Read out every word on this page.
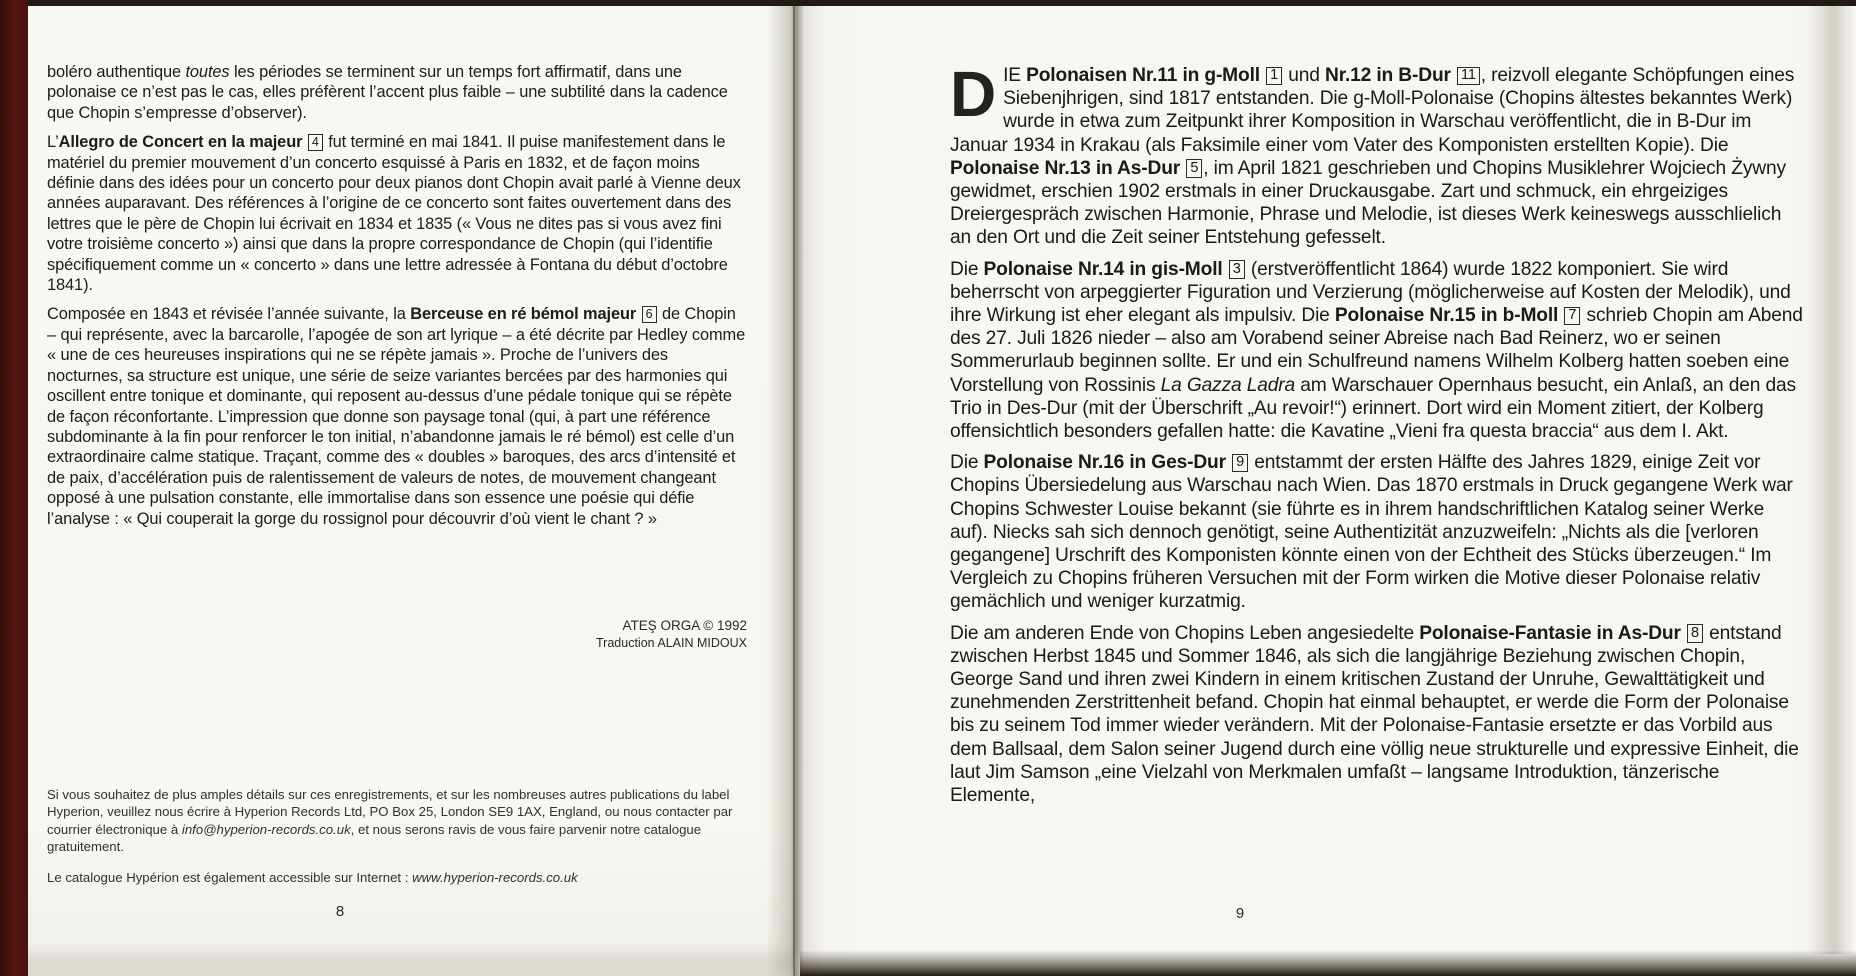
boléro authentique toutes les périodes se terminent sur un temps fort affirmatif, dans une polonaise ce n’est pas le cas, elles préfèrent l’accent plus faible – une subtilité dans la cadence que Chopin s’empresse d’observer).
L’Allegro de Concert en la majeur 4 fut terminé en mai 1841. Il puise manifestement dans le matériel du premier mouvement d’un concerto esquissé à Paris en 1832, et de façon moins définie dans des idées pour un concerto pour deux pianos dont Chopin avait parlé à Vienne deux années auparavant. Des références à l’origine de ce concerto sont faites ouvertement dans des lettres que le père de Chopin lui écrivait en 1834 et 1835 (« Vous ne dites pas si vous avez fini votre troisième concerto ») ainsi que dans la propre correspondance de Chopin (qui l’identifie spécifiquement comme un « concerto » dans une lettre adressée à Fontana du début d’octobre 1841).
Composée en 1843 et révisée l’année suivante, la Berceuse en ré bémol majeur 6 de Chopin – qui représente, avec la barcarolle, l’apogée de son art lyrique – a été décrite par Hedley comme « une de ces heureuses inspirations qui ne se répète jamais ». Proche de l’univers des nocturnes, sa structure est unique, une série de seize variantes bercées par des harmonies qui oscillent entre tonique et dominante, qui reposent au-dessus d’une pédale tonique qui se répète de façon réconfortante. L’impression que donne son paysage tonal (qui, à part une référence subdominante à la fin pour renforcer le ton initial, n’abandonne jamais le ré bémol) est celle d’un extraordinaire calme statique. Traçant, comme des « doubles » baroques, des arcs d’intensité et de paix, d’accélération puis de ralentissement de valeurs de notes, de mouvement changeant opposé à une pulsation constante, elle immortalise dans son essence une poésie qui défie l’analyse : « Qui couperait la gorge du rossignol pour découvrir d’où vient le chant ? »
ATEŞ ORGA © 1992
Traduction ALAIN MIDOUX
Si vous souhaitez de plus amples détails sur ces enregistrements, et sur les nombreuses autres publications du label Hyperion, veuillez nous écrire à Hyperion Records Ltd, PO Box 25, London SE9 1AX, England, ou nous contacter par courrier électronique à info@hyperion-records.co.uk, et nous serons ravis de vous faire parvenir notre catalogue gratuitement.
Le catalogue Hypérion est également accessible sur Internet : www.hyperion-records.co.uk
8
DIE Polonaisen Nr.11 in g-Moll 1 und Nr.12 in B-Dur 11 , reizvoll elegante Schöpfungen eines Siebenjhrigen, sind 1817 entstanden. Die g-Moll-Polonaise (Chopins ältestes bekanntes Werk) wurde in etwa zum Zeitpunkt ihrer Komposition in Warschau veröffentlicht, die in B-Dur im Januar 1934 in Krakau (als Faksimile einer vom Vater des Komponisten erstellten Kopie). Die Polonaise Nr.13 in As-Dur 5 , im April 1821 geschrieben und Chopins Musiklehrer Wojciech Żywny gewidmet, erschien 1902 erstmals in einer Druckausgabe. Zart und schmuck, ein ehrgeiziges Dreiergespräch zwischen Harmonie, Phrase und Melodie, ist dieses Werk keineswegs ausschlielich an den Ort und die Zeit seiner Entstehung gefesselt.
Die Polonaise Nr.14 in gis-Moll 3 (erstveröffentlicht 1864) wurde 1822 komponiert. Sie wird beherrscht von arpeggierter Figuration und Verzierung (möglicherweise auf Kosten der Melodik), und ihre Wirkung ist eher elegant als impulsiv. Die Polonaise Nr.15 in b-Moll 7 schrieb Chopin am Abend des 27. Juli 1826 nieder – also am Vorabend seiner Abreise nach Bad Reinerz, wo er seinen Sommerurlaub beginnen sollte. Er und ein Schulfreund namens Wilhelm Kolberg hatten soeben eine Vorstellung von Rossinis La Gazza Ladra am Warschauer Opernhaus besucht, ein Anlaß, an den das Trio in Des-Dur (mit der Überschrift „Au revoir!“) erinnert. Dort wird ein Moment zitiert, der Kolberg offensichtlich besonders gefallen hatte: die Kavatine „Vieni fra questa braccia“ aus dem I. Akt.
Die Polonaise Nr.16 in Ges-Dur 9 entstammt der ersten Hälfte des Jahres 1829, einige Zeit vor Chopins Übersiedelung aus Warschau nach Wien. Das 1870 erstmals in Druck gegangene Werk war Chopins Schwester Louise bekannt (sie führte es in ihrem handschriftlichen Katalog seiner Werke auf). Niecks sah sich dennoch genötigt, seine Authentizität anzuzweifeln: „Nichts als die [verloren gegangene] Urschrift des Komponisten könnte einen von der Echtheit des Stücks überzeugen.“ Im Vergleich zu Chopins früheren Versuchen mit der Form wirken die Motive dieser Polonaise relativ gemächlich und weniger kurzatmig.
Die am anderen Ende von Chopins Leben angesiedelte Polonaise-Fantasie in As-Dur 8 entstand zwischen Herbst 1845 und Sommer 1846, als sich die langjährige Beziehung zwischen Chopin, George Sand und ihren zwei Kindern in einem kritischen Zustand der Unruhe, Gewalttätigkeit und zunehmenden Zerstrittenheit befand. Chopin hat einmal behauptet, er werde die Form der Polonaise bis zu seinem Tod immer wieder verändern. Mit der Polonaise-Fantasie ersetzte er das Vorbild aus dem Ballsaal, dem Salon seiner Jugend durch eine völlig neue strukturelle und expressive Einheit, die laut Jim Samson „eine Vielzahl von Merkmalen umfaßt – langsame Introduktion, tänzerische Elemente,
9
